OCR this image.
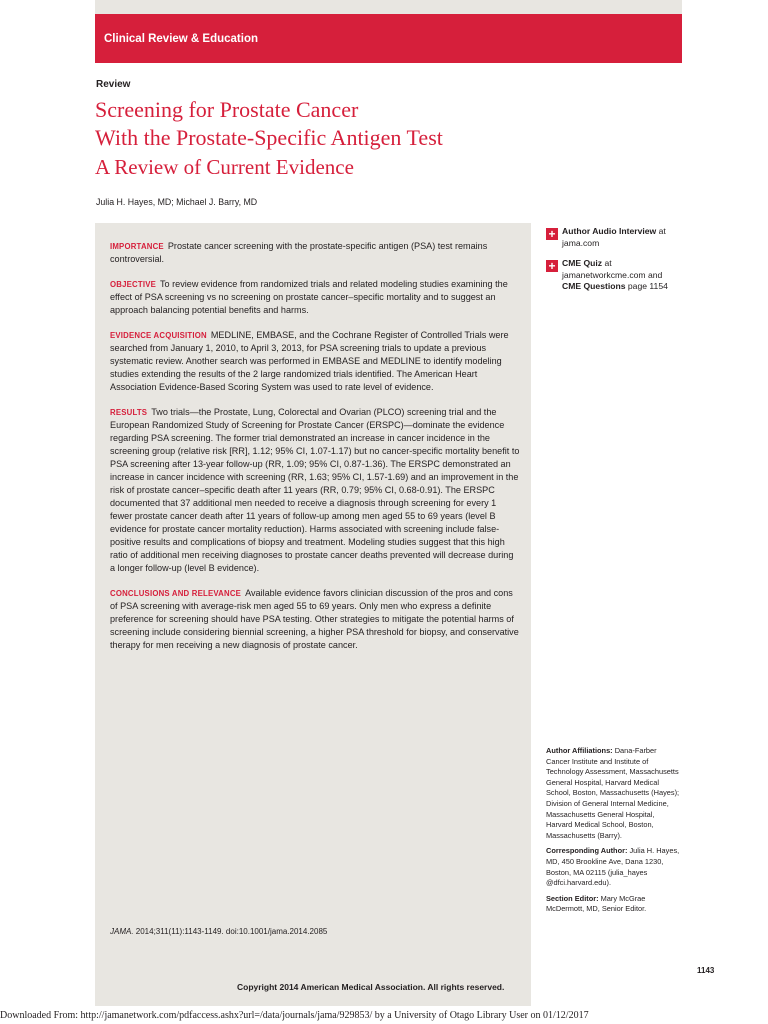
Clinical Review & Education
Review
Screening for Prostate Cancer
With the Prostate-Specific Antigen Test
A Review of Current Evidence
Julia H. Hayes, MD; Michael J. Barry, MD
IMPORTANCE Prostate cancer screening with the prostate-specific antigen (PSA) test remains controversial.
OBJECTIVE To review evidence from randomized trials and related modeling studies examining the effect of PSA screening vs no screening on prostate cancer–specific mortality and to suggest an approach balancing potential benefits and harms.
EVIDENCE ACQUISITION MEDLINE, EMBASE, and the Cochrane Register of Controlled Trials were searched from January 1, 2010, to April 3, 2013, for PSA screening trials to update a previous systematic review. Another search was performed in EMBASE and MEDLINE to identify modeling studies extending the results of the 2 large randomized trials identified. The American Heart Association Evidence-Based Scoring System was used to rate level of evidence.
RESULTS Two trials—the Prostate, Lung, Colorectal and Ovarian (PLCO) screening trial and the European Randomized Study of Screening for Prostate Cancer (ERSPC)—dominate the evidence regarding PSA screening. The former trial demonstrated an increase in cancer incidence in the screening group (relative risk [RR], 1.12; 95% CI, 1.07-1.17) but no cancer-specific mortality benefit to PSA screening after 13-year follow-up (RR, 1.09; 95% CI, 0.87-1.36). The ERSPC demonstrated an increase in cancer incidence with screening (RR, 1.63; 95% CI, 1.57-1.69) and an improvement in the risk of prostate cancer–specific death after 11 years (RR, 0.79; 95% CI, 0.68-0.91). The ERSPC documented that 37 additional men needed to receive a diagnosis through screening for every 1 fewer prostate cancer death after 11 years of follow-up among men aged 55 to 69 years (level B evidence for prostate cancer mortality reduction). Harms associated with screening include false-positive results and complications of biopsy and treatment. Modeling studies suggest that this high ratio of additional men receiving diagnoses to prostate cancer deaths prevented will decrease during a longer follow-up (level B evidence).
CONCLUSIONS AND RELEVANCE Available evidence favors clinician discussion of the pros and cons of PSA screening with average-risk men aged 55 to 69 years. Only men who express a definite preference for screening should have PSA testing. Other strategies to mitigate the potential harms of screening include considering biennial screening, a higher PSA threshold for biopsy, and conservative therapy for men receiving a new diagnosis of prostate cancer.
JAMA. 2014;311(11):1143-1149. doi:10.1001/jama.2014.2085
+ Author Audio Interview at jama.com
+ CME Quiz at jamanetworkcme.com and CME Questions page 1154

Author Affiliations: Dana-Farber Cancer Institute and Institute of Technology Assessment, Massachusetts General Hospital, Harvard Medical School, Boston, Massachusetts (Hayes); Division of General Internal Medicine, Massachusetts General Hospital, Harvard Medical School, Boston, Massachusetts (Barry).

Corresponding Author: Julia H. Hayes, MD, 450 Brookline Ave, Dana 1230, Boston, MA 02115 (julia_hayes @dfci.harvard.edu).

Section Editor: Mary McGrae McDermott, MD, Senior Editor.

1143
Copyright 2014 American Medical Association. All rights reserved.
Downloaded From: http://jamanetwork.com/pdfaccess.ashx?url=/data/journals/jama/929853/ by a University of Otago Library User on 01/12/2017
